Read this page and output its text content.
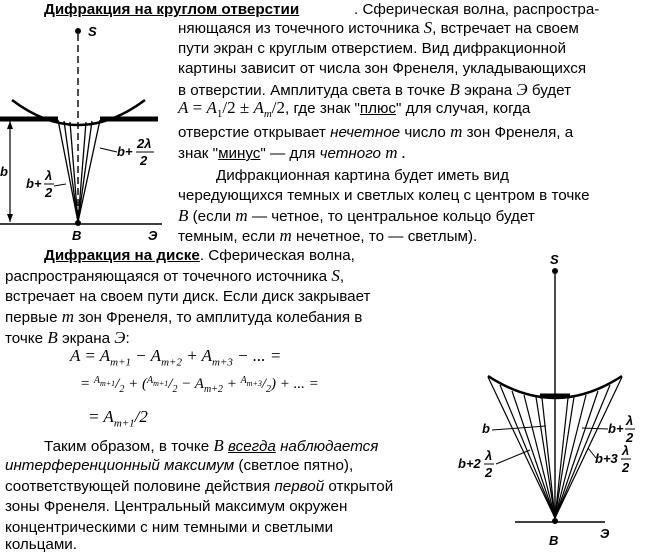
Дифракция на круглом отверстии	. Сферическая волна, распростра-
няющаяся из точечного источника S, встречает на своем
пути экран с круглым отверстием. Вид дифракционной
картины зависит от числа зон Френеля, укладывающихся
в отверстии. Амплитуда света в точке B экрана Э будет
$A = A_1/2 \pm A_m/2$, где знак "плюс" для случая, когда
отверстие открывает нечетное число m зон Френеля, а
знак "минус" — для четного m .
Дифракционная картина будет иметь вид
чередующихся темных и светлых колец с центром в точке
B (если m — четное, то центральное кольцо будет
темным, если m нечетное, то — светлым).
Дифракция на диске. Сферическая волна,
распространяющаяся от точечного источника S,
встречает на своем пути диск. Если диск закрывает
первые m зон Френеля, то амплитуда колебания в
точке B экрана Э:
$A = A_{m+1} - A_{m+2} + A_{m+3}$ − ... =
= $^{A_{m+1}}/_2 + (^{A_{m+1}}/_2 - A_{m+2} + ^{A_{m+3}}/_2)$ + ... =
= $A_{m+1}/2$
Таким образом, в точке B всегда наблюдается
интерференционный максимум (светлое пятно),
соответствующей половине действия первой открытой
зоны Френеля. Центральный максимум окружен
концентрическими с ним темными и светлыми
кольцами.
S
b
B	Э
b+
λ
2
b+
2λ
2
S
B	Э
b
b+2
λ
2
b+
λ
2
b+3
λ
2
